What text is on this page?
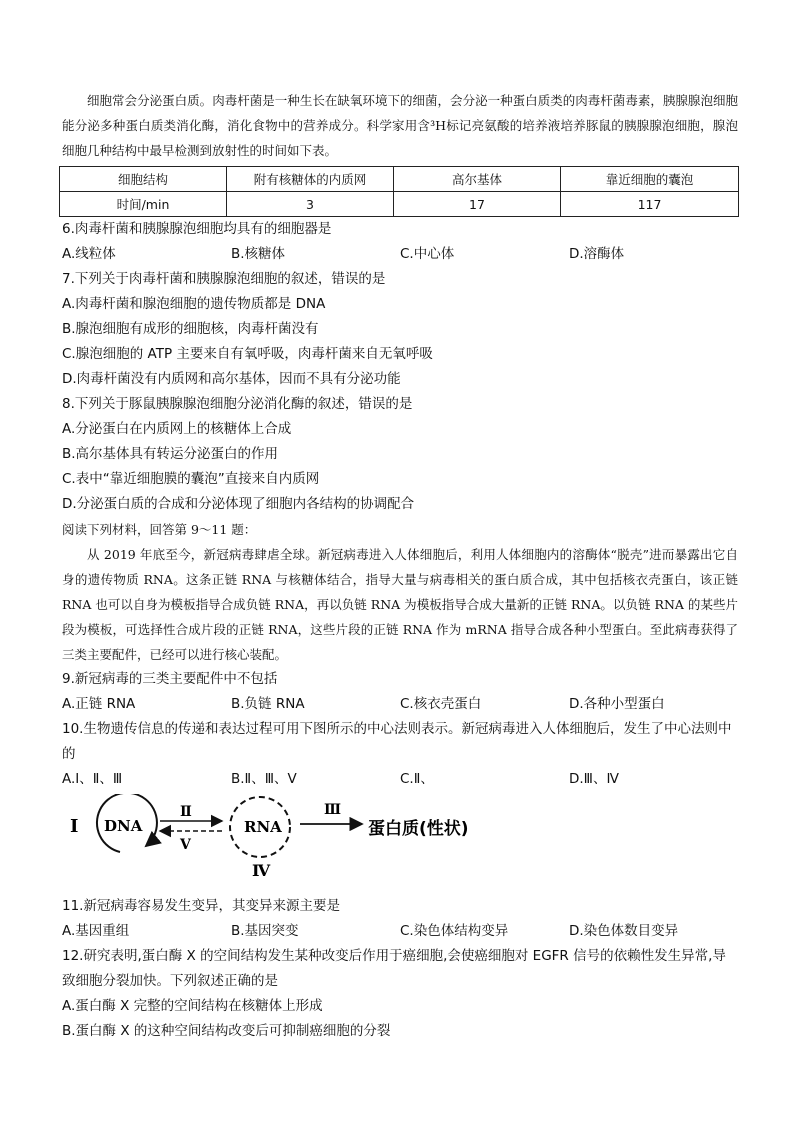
细胞常会分泌蛋白质。肉毒杆菌是一种生长在缺氧环境下的细菌，会分泌一种蛋白质类的肉毒杆菌毒素，胰腺腺泡细胞能分泌多种蛋白质类消化酶，消化食物中的营养成分。科学家用含³H标记亮氨酸的培养液培养豚鼠的胰腺腺泡细胞，腺泡细胞几种结构中最早检测到放射性的时间如下表。

细胞结构	附有核糖体的内质网	高尔基体	靠近细胞的囊泡
时间/min	3	17	117

6.肉毒杆菌和胰腺腺泡细胞均具有的细胞器是

A.线粒体	B.核糖体	C.中心体	D.溶酶体

7.下列关于肉毒杆菌和胰腺腺泡细胞的叙述，错误的是

A.肉毒杆菌和腺泡细胞的遗传物质都是 DNA

B.腺泡细胞有成形的细胞核，肉毒杆菌没有

C.腺泡细胞的 ATP 主要来自有氧呼吸，肉毒杆菌来自无氧呼吸

D.肉毒杆菌没有内质网和高尔基体，因而不具有分泌功能

8.下列关于豚鼠胰腺腺泡细胞分泌消化酶的叙述，错误的是

A.分泌蛋白在内质网上的核糖体上合成

B.高尔基体具有转运分泌蛋白的作用

C.表中“靠近细胞膜的囊泡”直接来自内质网

D.分泌蛋白质的合成和分泌体现了细胞内各结构的协调配合

阅读下列材料，回答第 9～11 题：

从 2019 年底至今，新冠病毒肆虐全球。新冠病毒进入人体细胞后，利用人体细胞内的溶酶体“脱壳”进而暴露出它自身的遗传物质 RNA。这条正链 RNA 与核糖体结合，指导大量与病毒相关的蛋白质合成，其中包括核衣壳蛋白，该正链 RNA 也可以自身为模板指导合成负链 RNA，再以负链 RNA 为模板指导合成大量新的正链 RNA。以负链 RNA 的某些片段为模板，可选择性合成片段的正链 RNA，这些片段的正链 RNA 作为 mRNA 指导合成各种小型蛋白。至此病毒获得了三类主要配件，已经可以进行核心装配。

9.新冠病毒的三类主要配件中不包括

A.正链 RNA	B.负链 RNA	C.核衣壳蛋白	D.各种小型蛋白

10.生物遗传信息的传递和表达过程可用下图所示的中心法则表示。新冠病毒进入人体细胞后，发生了中心法则中的

A.Ⅰ、Ⅱ、Ⅲ	B.Ⅱ、Ⅲ、Ⅴ	C.Ⅱ、	D.Ⅲ、Ⅳ
Ⅰ DNA
Ⅱ
Ⅴ
RNA
Ⅳ
Ⅲ
蛋白质(性状)

11.新冠病毒容易发生变异，其变异来源主要是

A.基因重组	B.基因突变	C.染色体结构变异	D.染色体数目变异

12.研究表明,蛋白酶 X 的空间结构发生某种改变后作用于癌细胞,会使癌细胞对 EGFR 信号的依赖性发生异常,导致细胞分裂加快。下列叙述正确的是

A.蛋白酶 X 完整的空间结构在核糖体上形成

B.蛋白酶 X 的这种空间结构改变后可抑制癌细胞的分裂
